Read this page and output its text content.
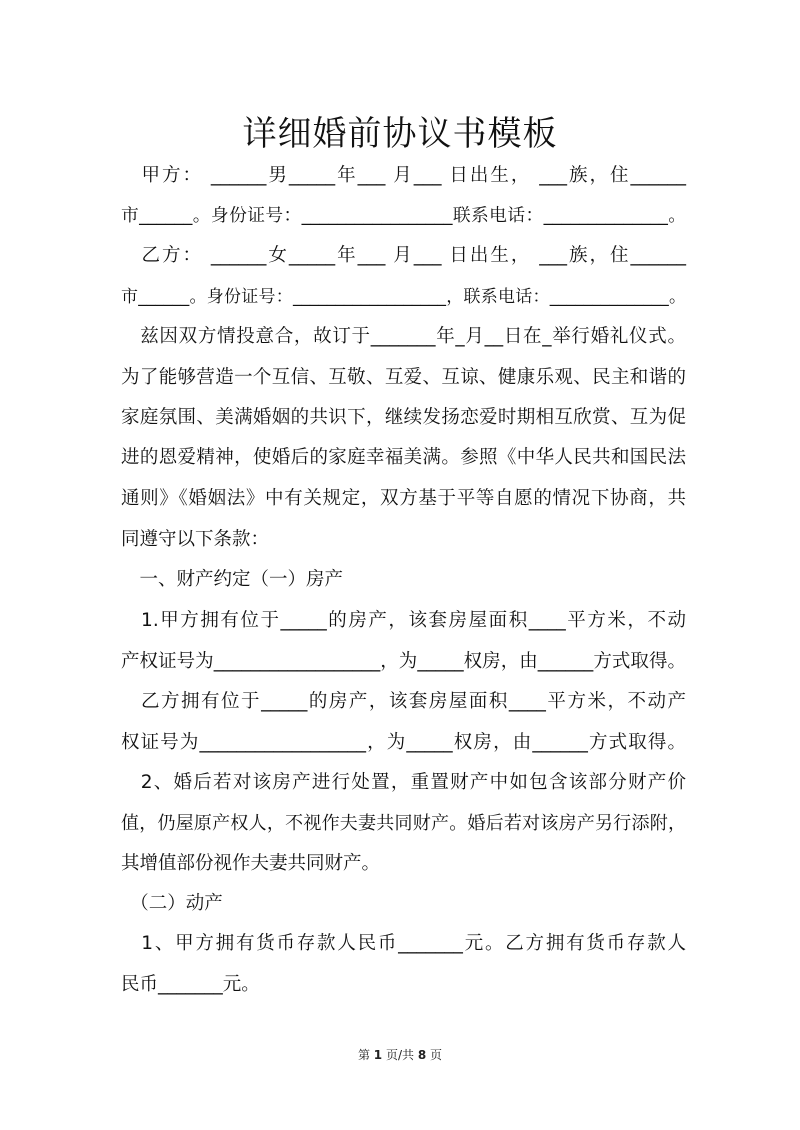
详细婚前协议书模板
　甲方： ______男_____年___ 月___ 日出生， ___族，住______
市______。身份证号：_________________联系电话：______________。
　乙方： ______女_____年___ 月___ 日出生， ___族，住______
市______。身份证号：__________________，联系电话：______________。
　兹因双方情投意合，故订于_______年_月__日在_举行婚礼仪式。
为了能够营造一个互信、互敬、互爱、互谅、健康乐观、民主和谐的
家庭氛围、美满婚姻的共识下，继续发扬恋爱时期相互欣赏、互为促
进的恩爱精神，使婚后的家庭幸福美满。参照《中华人民共和国民法
通则》《婚姻法》中有关规定，双方基于平等自愿的情况下协商，共
同遵守以下条款：
　一、财产约定（一）房产
　1.甲方拥有位于_____的房产，该套房屋面积____平方米，不动
产权证号为__________________，为_____权房，由______方式取得。
　乙方拥有位于_____的房产，该套房屋面积____平方米，不动产
权证号为__________________，为_____权房，由______方式取得。
　2、婚后若对该房产进行处置，重置财产中如包含该部分财产价
值，仍屋原产权人，不视作夫妻共同财产。婚后若对该房产另行添附，
其增值部份视作夫妻共同财产。
　（二）动产
　1、甲方拥有货币存款人民币_______元。乙方拥有货币存款人
民币_______元。
第 1 页/共 8 页
